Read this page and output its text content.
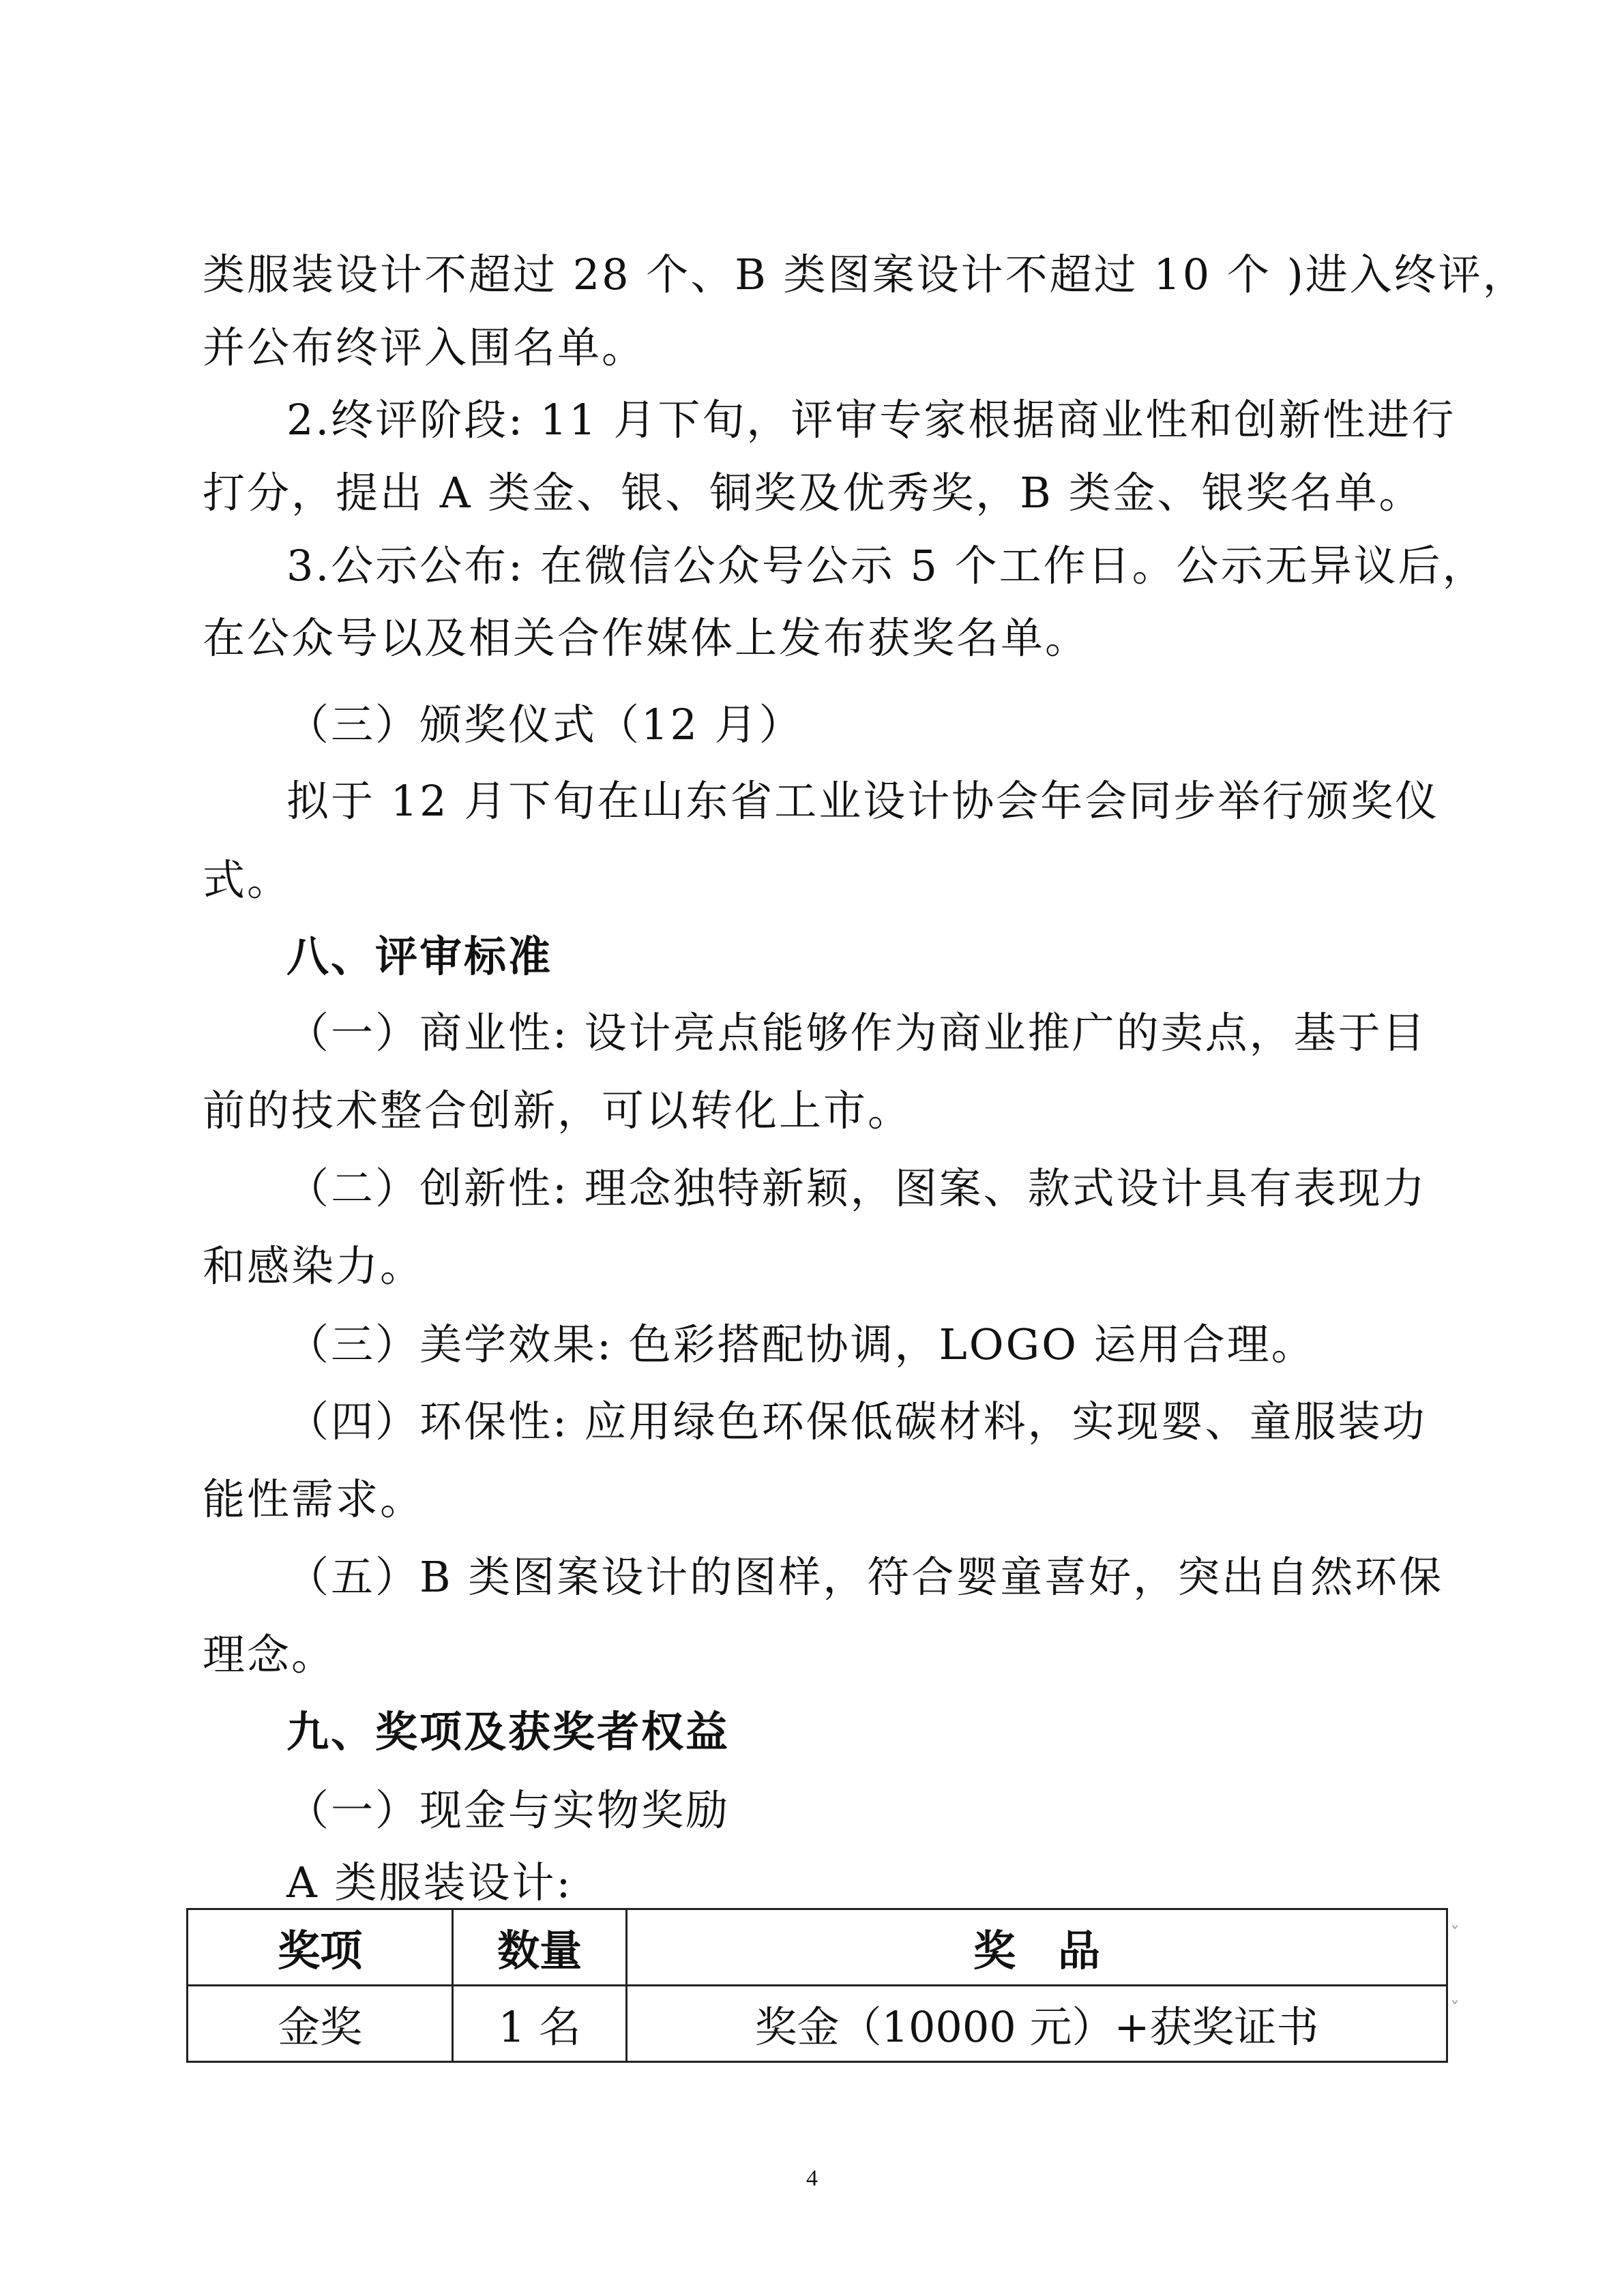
类服装设计不超过 28 个、B 类图案设计不超过 10 个 )进入终评，
并公布终评入围名单。
2.终评阶段: 11 月下旬，评审专家根据商业性和创新性进行
打分，提出 A 类金、银、铜奖及优秀奖，B 类金、银奖名单。
3.公示公布: 在微信公众号公示 5 个工作日。公示无异议后，
在公众号以及相关合作媒体上发布获奖名单。
（三）颁奖仪式（12 月）
拟于 12 月下旬在山东省工业设计协会年会同步举行颁奖仪
式。
八、评审标准
（一）商业性: 设计亮点能够作为商业推广的卖点，基于目
前的技术整合创新，可以转化上市。
（二）创新性: 理念独特新颖，图案、款式设计具有表现力
和感染力。
（三）美学效果: 色彩搭配协调，LOGO 运用合理。
（四）环保性: 应用绿色环保低碳材料，实现婴、童服装功
能性需求。
（五）B 类图案设计的图样，符合婴童喜好，突出自然环保
理念。
九、奖项及获奖者权益
（一）现金与实物奖励
A 类服装设计:
奖项	数量	奖　品
金奖	1 名	奖金（10000 元）+获奖证书
ˇ
ˇ
4
